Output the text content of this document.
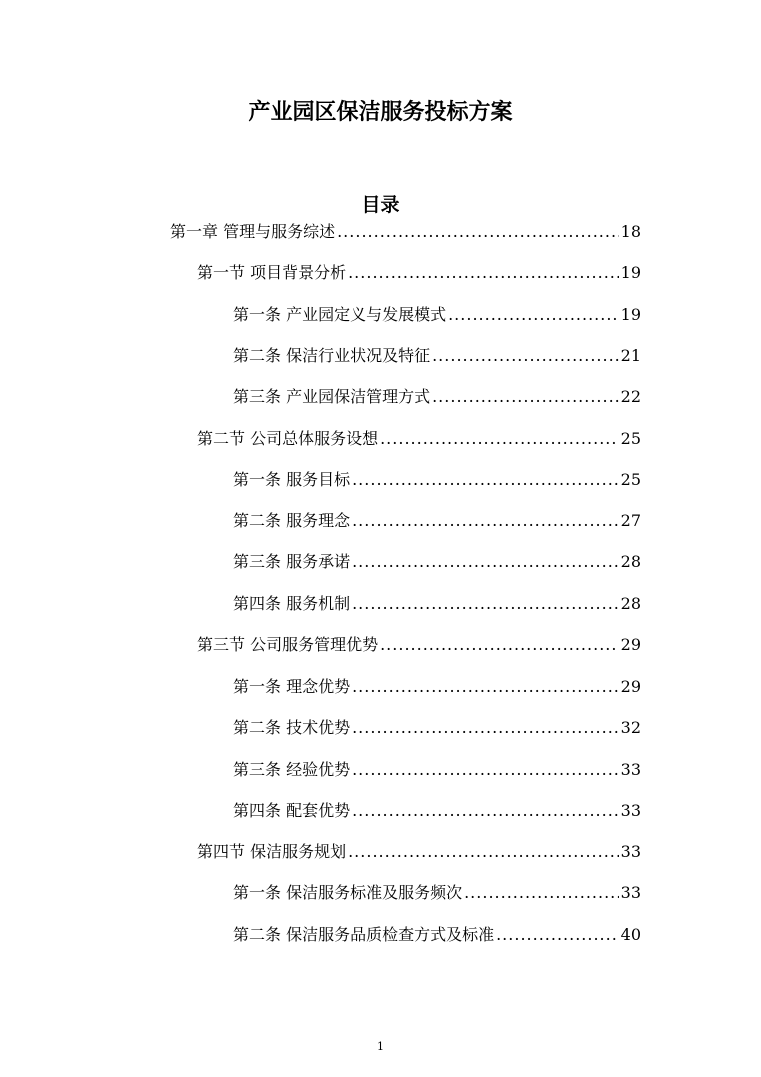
产业园区保洁服务投标方案
目录
第一章 管理与服务综述 .....	18
第一节 项目背景分析 .....	19
第一条 产业园定义与发展模式 .....	19
第二条 保洁行业状况及特征 .....	21
第三条 产业园保洁管理方式 .....	22
第二节 公司总体服务设想 .....	25
第一条 服务目标 .....	25
第二条 服务理念 .....	27
第三条 服务承诺 .....	28
第四条 服务机制 .....	28
第三节 公司服务管理优势 .....	29
第一条 理念优势 .....	29
第二条 技术优势 .....	32
第三条 经验优势 .....	33
第四条 配套优势 .....	33
第四节 保洁服务规划 .....	33
第一条 保洁服务标准及服务频次 .....	33
第二条 保洁服务品质检查方式及标准 .....	40
1
